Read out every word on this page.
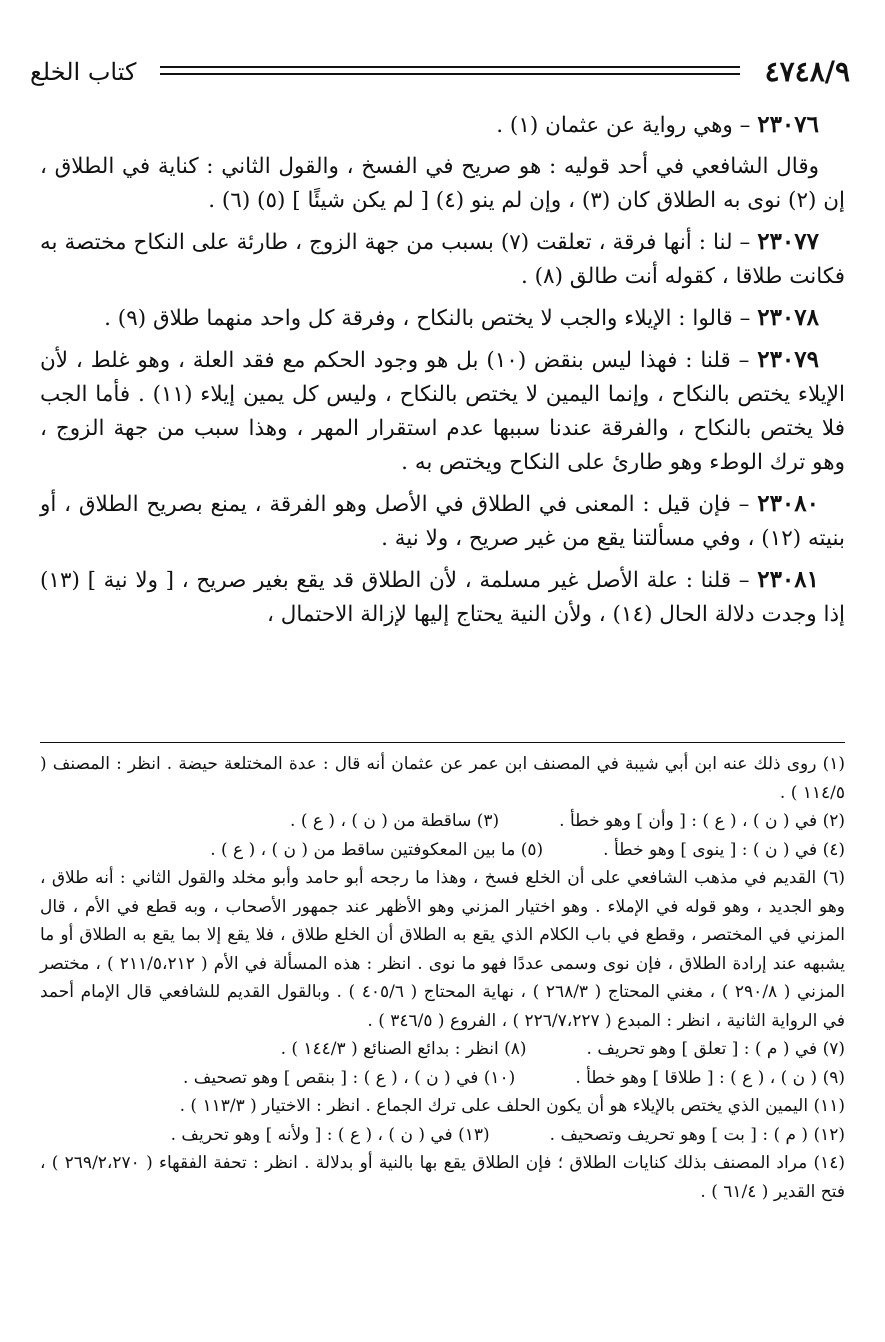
٤٧٤٨/٩
كتاب الخلع

٢٣٠٧٦ – وهي رواية عن عثمان (١) .

وقال الشافعي في أحد قوليه : هو صريح في الفسخ ، والقول الثاني : كناية في الطلاق ، إن (٢) نوى به الطلاق كان (٣) ، وإن لم ينو (٤) [ لم يكن شيئًا ] (٥) (٦) .

٢٣٠٧٧ – لنا : أنها فرقة ، تعلقت (٧) بسبب من جهة الزوج ، طارئة على النكاح مختصة به فكانت طلاقا ، كقوله أنت طالق (٨) .

٢٣٠٧٨ – قالوا : الإيلاء والجب لا يختص بالنكاح ، وفرقة كل واحد منهما طلاق (٩) .

٢٣٠٧٩ – قلنا : فهذا ليس بنقض (١٠) بل هو وجود الحكم مع فقد العلة ، وهو غلط ، لأن الإيلاء يختص بالنكاح ، وإنما اليمين لا يختص بالنكاح ، وليس كل يمين إيلاء (١١) . فأما الجب فلا يختص بالنكاح ، والفرقة عندنا سببها عدم استقرار المهر ، وهذا سبب من جهة الزوج ، وهو ترك الوطء وهو طارئ على النكاح ويختص به .

٢٣٠٨٠ – فإن قيل : المعنى في الطلاق في الأصل وهو الفرقة ، يمنع بصريح الطلاق ، أو بنيته (١٢) ، وفي مسألتنا يقع من غير صريح ، ولا نية .

٢٣٠٨١ – قلنا : علة الأصل غير مسلمة ، لأن الطلاق قد يقع بغير صريح ، [ ولا نية ] (١٣) إذا وجدت دلالة الحال (١٤) ، ولأن النية يحتاج إليها لإزالة الاحتمال ،

(١) روى ذلك عنه ابن أبي شيبة في المصنف ابن عمر عن عثمان أنه قال : عدة المختلعة حيضة . انظر : المصنف ( ١١٤/٥ ) .

(٢) في ( ن ) ، ( ع ) : [ وأن ] وهو خطأ .
(٣) ساقطة من ( ن ) ، ( ع ) .
(٤) في ( ن ) : [ ينوى ] وهو خطأ .
(٥) ما بين المعكوفتين ساقط من ( ن ) ، ( ع ) .

(٦) القديم في مذهب الشافعي على أن الخلع فسخ ، وهذا ما رجحه أبو حامد وأبو مخلد والقول الثاني : أنه طلاق ، وهو الجديد ، وهو قوله في الإملاء . وهو اختيار المزني وهو الأظهر عند جمهور الأصحاب ، وبه قطع في الأم ، قال المزني في المختصر ، وقطع في باب الكلام الذي يقع به الطلاق أن الخلع طلاق ، فلا يقع إلا بما يقع به الطلاق أو ما يشبهه عند إرادة الطلاق ، فإن نوى وسمى عددًا فهو ما نوى . انظر : هذه المسألة في الأم ( ٢١١/٥،٢١٢ ) ، مختصر المزني ( ٢٩٠/٨ ) ، مغني المحتاج ( ٢٦٨/٣ ) ، نهاية المحتاج ( ٤٠٥/٦ ) . وبالقول القديم للشافعي قال الإمام أحمد في الرواية الثانية ، انظر : المبدع ( ٢٢٦/٧،٢٢٧ ) ، الفروع ( ٣٤٦/٥ ) .

(٧) في ( م ) : [ تعلق ] وهو تحريف .
(٨) انظر : بدائع الصنائع ( ١٤٤/٣ ) .
(٩) ( ن ) ، ( ع ) : [ طلاقا ] وهو خطأ .
(١٠) في ( ن ) ، ( ع ) : [ بنقص ] وهو تصحيف .

(١١) اليمين الذي يختص بالإيلاء هو أن يكون الحلف على ترك الجماع . انظر : الاختيار ( ١١٣/٣ ) .

(١٢) ( م ) : [ بت ] وهو تحريف وتصحيف .
(١٣) في ( ن ) ، ( ع ) : [ ولأنه ] وهو تحريف .

(١٤) مراد المصنف بذلك كنايات الطلاق ؛ فإن الطلاق يقع بها بالنية أو بدلالة . انظر : تحفة الفقهاء ( ٢٦٩/٢،٢٧٠ ) ، فتح القدير ( ٦١/٤ ) .
